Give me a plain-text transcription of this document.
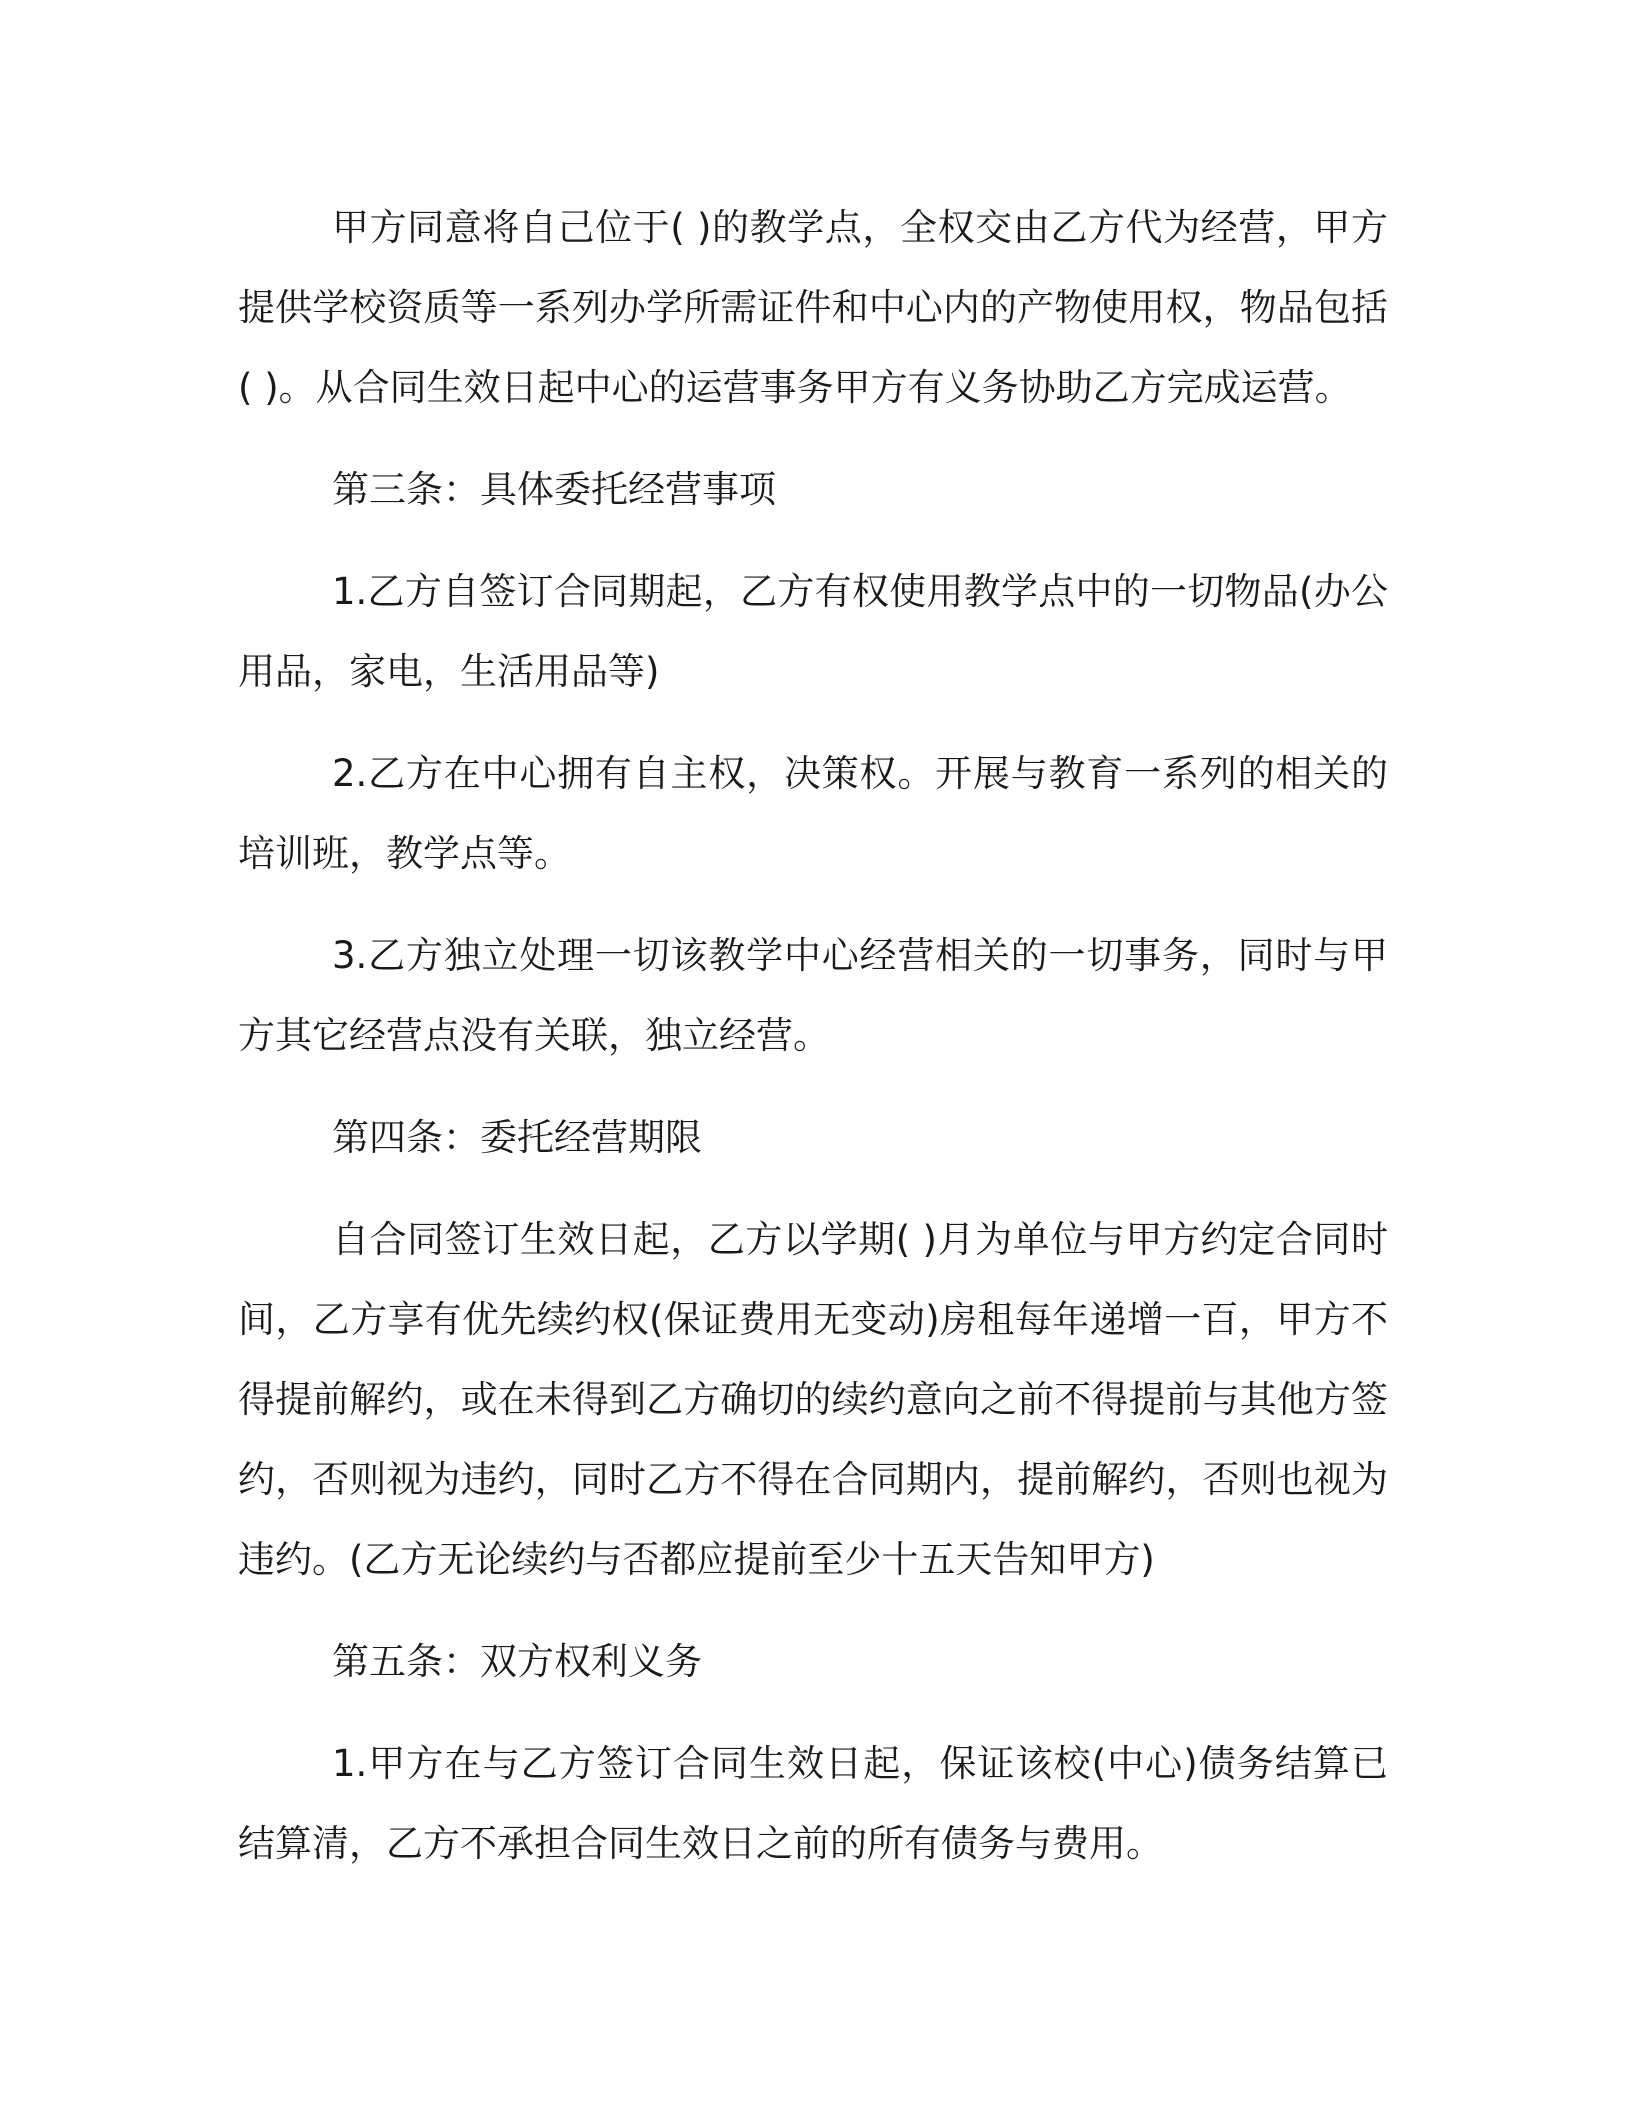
甲方同意将自己位于( )的教学点，全权交由乙方代为经营，甲方提供学校资质等一系列办学所需证件和中心内的产物使用权，物品包括( )。从合同生效日起中心的运营事务甲方有义务协助乙方完成运营。

第三条：具体委托经营事项

1.乙方自签订合同期起，乙方有权使用教学点中的一切物品(办公用品，家电，生活用品等)

2.乙方在中心拥有自主权，决策权。开展与教育一系列的相关的培训班，教学点等。

3.乙方独立处理一切该教学中心经营相关的一切事务，同时与甲方其它经营点没有关联，独立经营。

第四条：委托经营期限

自合同签订生效日起，乙方以学期( )月为单位与甲方约定合同时间，乙方享有优先续约权(保证费用无变动)房租每年递增一百，甲方不得提前解约，或在未得到乙方确切的续约意向之前不得提前与其他方签约，否则视为违约，同时乙方不得在合同期内，提前解约，否则也视为违约。(乙方无论续约与否都应提前至少十五天告知甲方)

第五条：双方权利义务

1.甲方在与乙方签订合同生效日起，保证该校(中心)债务结算已结算清，乙方不承担合同生效日之前的所有债务与费用。
